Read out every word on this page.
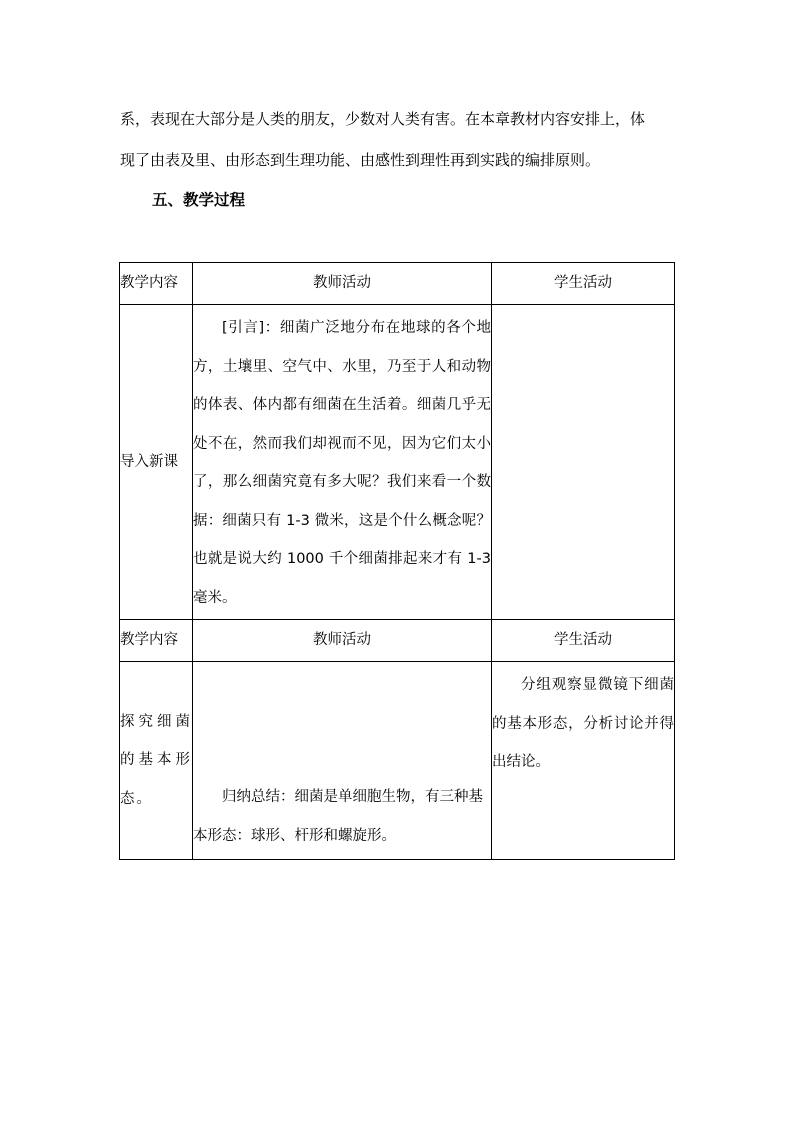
系，表现在大部分是人类的朋友，少数对人类有害。在本章教材内容安排上，体
现了由表及里、由形态到生理功能、由感性到理性再到实践的编排原则。

五、教学过程
教学内容	教师活动	学生活动
导入新课	[引言]：细菌广泛地分布在地球的各个地方，土壤里、空气中、水里，乃至于人和动物的体表、体内都有细菌在生活着。细菌几乎无处不在，然而我们却视而不见，因为它们太小了，那么细菌究竟有多大呢？我们来看一个数据：细菌只有 1-3 微米，这是个什么概念呢？也就是说大约 1000 千个细菌排起来才有 1-3 毫米。	
教学内容	教师活动	学生活动
探究细菌的基本形态。	归纳总结：细菌是单细胞生物，有三种基本形态：球形、杆形和螺旋形。	分组观察显微镜下细菌的基本形态，分析讨论并得出结论。
